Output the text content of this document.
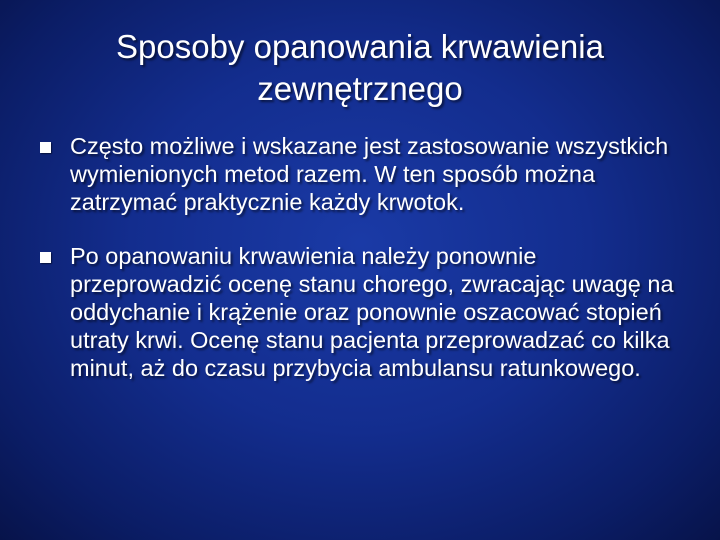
Sposoby opanowania krwawienia zewnętrznego
Często możliwe i wskazane jest zastosowanie wszystkich wymienionych metod razem. W ten sposób można zatrzymać praktycznie każdy krwotok.
Po opanowaniu krwawienia należy ponownie przeprowadzić ocenę stanu chorego, zwracając uwagę na oddychanie i krążenie oraz ponownie oszacować stopień utraty krwi. Ocenę stanu pacjenta przeprowadzać co kilka minut, aż do czasu przybycia ambulansu ratunkowego.
